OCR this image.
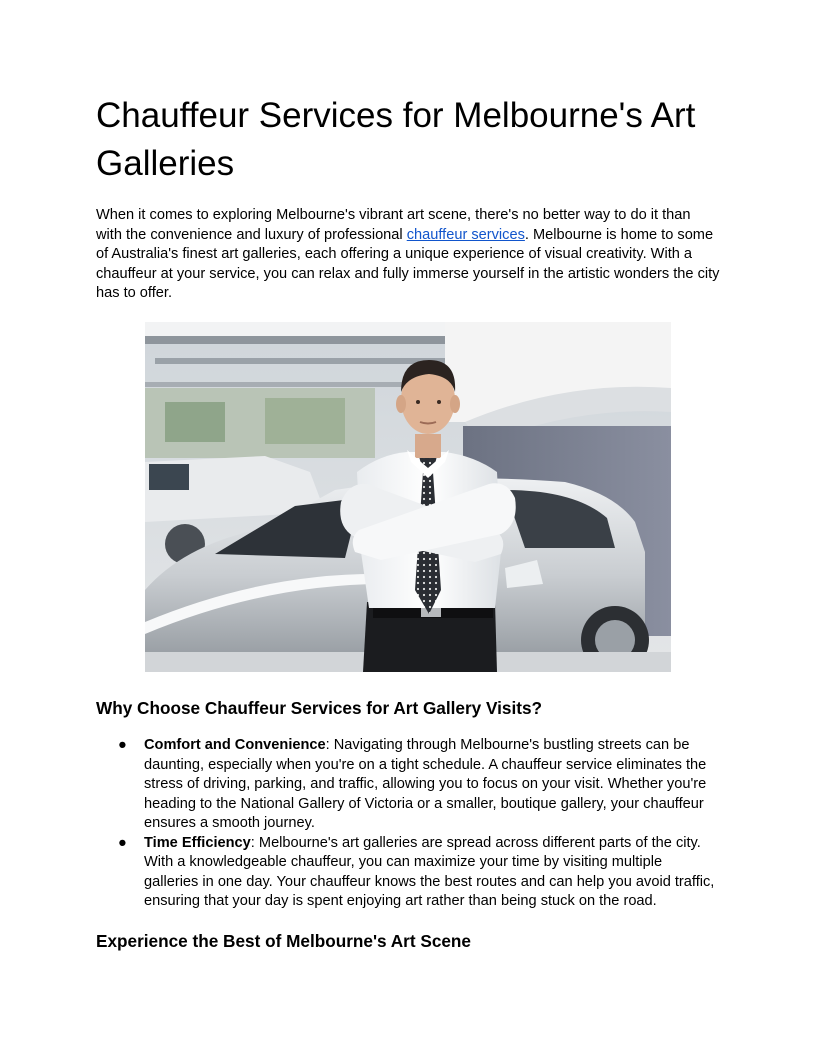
Chauffeur Services for Melbourne's Art Galleries

When it comes to exploring Melbourne's vibrant art scene, there's no better way to do it than with the convenience and luxury of professional chauffeur services. Melbourne is home to some of Australia's finest art galleries, each offering a unique experience of visual creativity. With a chauffeur at your service, you can relax and fully immerse yourself in the artistic wonders the city has to offer.

Why Choose Chauffeur Services for Art Gallery Visits?
● Comfort and Convenience: Navigating through Melbourne's bustling streets can be daunting, especially when you're on a tight schedule. A chauffeur service eliminates the stress of driving, parking, and traffic, allowing you to focus on your visit. Whether you're heading to the National Gallery of Victoria or a smaller, boutique gallery, your chauffeur ensures a smooth journey.
● Time Efficiency: Melbourne's art galleries are spread across different parts of the city. With a knowledgeable chauffeur, you can maximize your time by visiting multiple galleries in one day. Your chauffeur knows the best routes and can help you avoid traffic, ensuring that your day is spent enjoying art rather than being stuck on the road.
Experience the Best of Melbourne's Art Scene
